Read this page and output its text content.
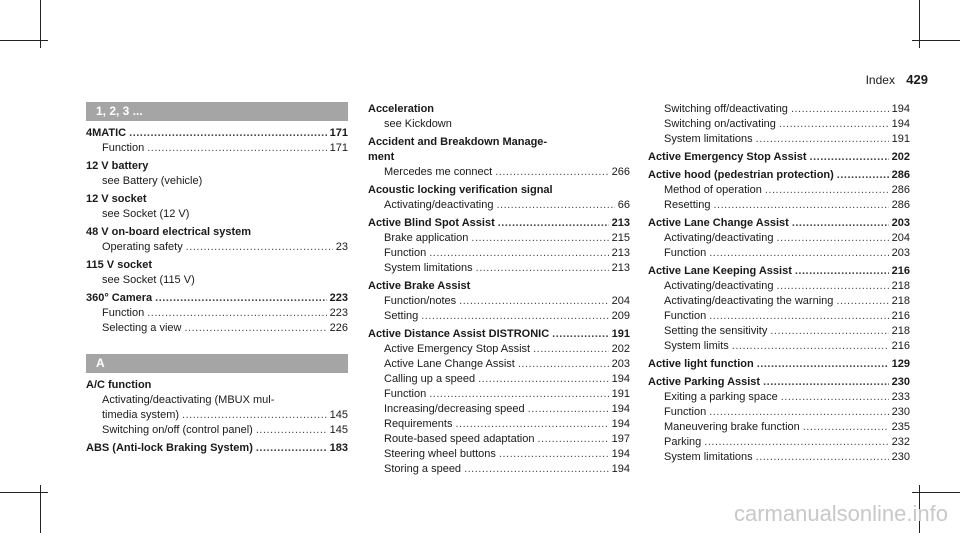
Index 429
1, 2, 3 ...
4MATIC .....	171
Function .....	171
12 V battery
see Battery (vehicle)
12 V socket
see Socket (12 V)
48 V on-board electrical system
Operating safety .....	23
115 V socket
see Socket (115 V)
360° Camera .....	223
Function .....	223
Selecting a view .....	226
A
A/C function
Activating/deactivating (MBUX mul-
timedia system) .....	145
Switching on/off (control panel) .....	145
ABS (Anti-lock Braking System) .....	183
Acceleration
see Kickdown
Accident and Breakdown Manage-
ment
Mercedes me connect .....	266
Acoustic locking verification signal
Activating/deactivating .....	66
Active Blind Spot Assist .....	213
Brake application .....	215
Function .....	213
System limitations .....	213
Active Brake Assist
Function/notes .....	204
Setting .....	209
Active Distance Assist DISTRONIC .....	191
Active Emergency Stop Assist .....	202
Active Lane Change Assist .....	203
Calling up a speed .....	194
Function .....	191
Increasing/decreasing speed .....	194
Requirements .....	194
Route-based speed adaptation .....	197
Steering wheel buttons .....	194
Storing a speed .....	194
Switching off/deactivating .....	194
Switching on/activating .....	194
System limitations .....	191
Active Emergency Stop Assist .....	202
Active hood (pedestrian protection) .....	286
Method of operation .....	286
Resetting .....	286
Active Lane Change Assist .....	203
Activating/deactivating .....	204
Function .....	203
Active Lane Keeping Assist .....	216
Activating/deactivating .....	218
Activating/deactivating the warning .....	218
Function .....	216
Setting the sensitivity .....	218
System limits .....	216
Active light function .....	129
Active Parking Assist .....	230
Exiting a parking space .....	233
Function .....	230
Maneuvering brake function .....	235
Parking .....	232
System limitations .....	230
carmanualsonline.info
